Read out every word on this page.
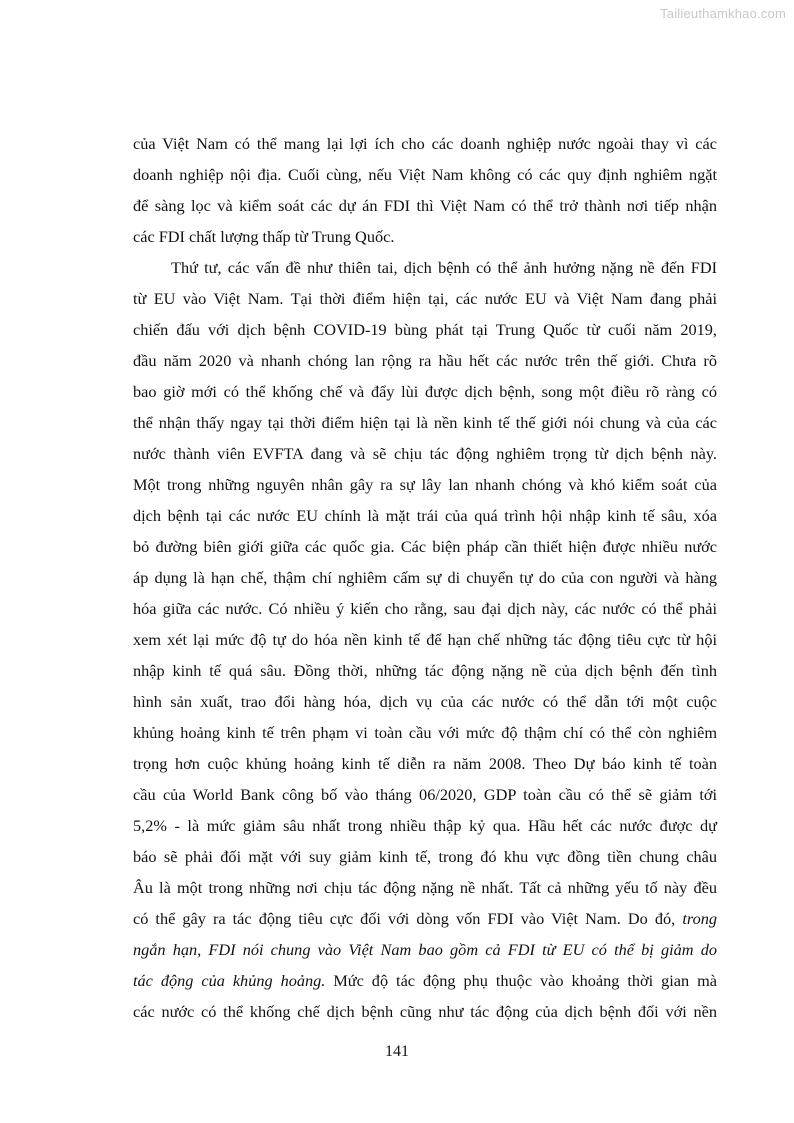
Tailieuthamkhao.com
của Việt Nam có thể mang lại lợi ích cho các doanh nghiệp nước ngoài thay vì các
doanh nghiệp nội địa. Cuối cùng, nếu Việt Nam không có các quy định nghiêm ngặt
để sàng lọc và kiểm soát các dự án FDI thì Việt Nam có thể trở thành nơi tiếp nhận
các FDI chất lượng thấp từ Trung Quốc.
Thứ tư, các vấn đề như thiên tai, dịch bệnh có thể ảnh hưởng nặng nề đến FDI
từ EU vào Việt Nam. Tại thời điểm hiện tại, các nước EU và Việt Nam đang phải
chiến đấu với dịch bệnh COVID-19 bùng phát tại Trung Quốc từ cuối năm 2019,
đầu năm 2020 và nhanh chóng lan rộng ra hầu hết các nước trên thế giới. Chưa rõ
bao giờ mới có thể khống chế và đẩy lùi được dịch bệnh, song một điều rõ ràng có
thể nhận thấy ngay tại thời điểm hiện tại là nền kinh tế thế giới nói chung và của các
nước thành viên EVFTA đang và sẽ chịu tác động nghiêm trọng từ dịch bệnh này.
Một trong những nguyên nhân gây ra sự lây lan nhanh chóng và khó kiểm soát của
dịch bệnh tại các nước EU chính là mặt trái của quá trình hội nhập kinh tế sâu, xóa
bỏ đường biên giới giữa các quốc gia. Các biện pháp cần thiết hiện được nhiều nước
áp dụng là hạn chế, thậm chí nghiêm cấm sự di chuyển tự do của con người và hàng
hóa giữa các nước. Có nhiều ý kiến cho rằng, sau đại dịch này, các nước có thể phải
xem xét lại mức độ tự do hóa nền kinh tế để hạn chế những tác động tiêu cực từ hội
nhập kinh tế quá sâu. Đồng thời, những tác động nặng nề của dịch bệnh đến tình
hình sản xuất, trao đổi hàng hóa, dịch vụ của các nước có thể dẫn tới một cuộc
khủng hoảng kinh tế trên phạm vi toàn cầu với mức độ thậm chí có thể còn nghiêm
trọng hơn cuộc khủng hoảng kinh tế diễn ra năm 2008. Theo Dự báo kinh tế toàn
cầu của World Bank công bố vào tháng 06/2020, GDP toàn cầu có thể sẽ giảm tới
5,2% - là mức giảm sâu nhất trong nhiều thập kỷ qua. Hầu hết các nước được dự
báo sẽ phải đối mặt với suy giảm kinh tế, trong đó khu vực đồng tiền chung châu
Âu là một trong những nơi chịu tác động nặng nề nhất. Tất cả những yếu tố này đều
có thể gây ra tác động tiêu cực đối với dòng vốn FDI vào Việt Nam. Do đó, trong
ngắn hạn, FDI nói chung vào Việt Nam bao gồm cả FDI từ EU có thể bị giảm do
tác động của khủng hoảng. Mức độ tác động phụ thuộc vào khoảng thời gian mà
các nước có thể khống chế dịch bệnh cũng như tác động của dịch bệnh đối với nền
141
